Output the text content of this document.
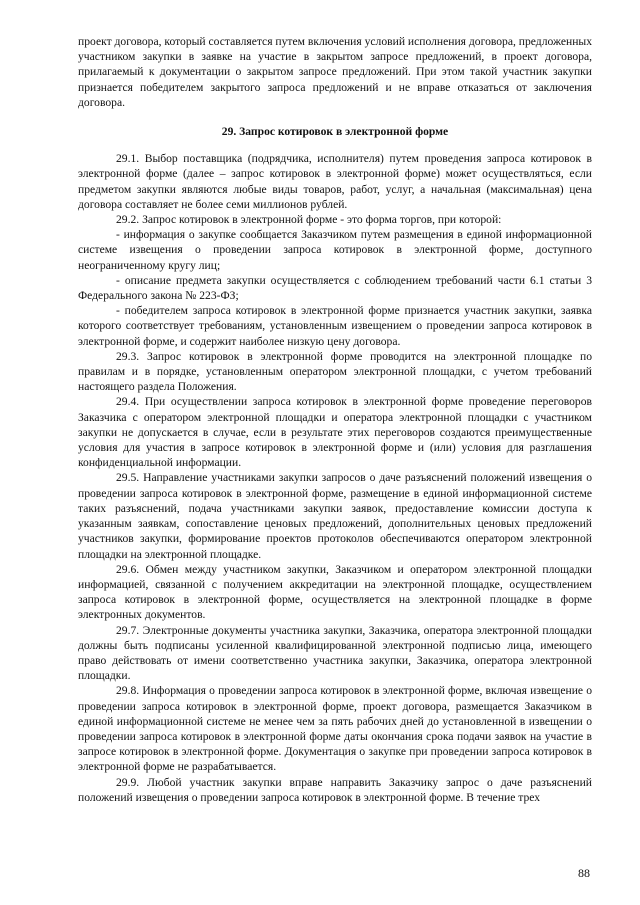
проект договора, который составляется путем включения условий исполнения договора, предложенных участником закупки в заявке на участие в закрытом запросе предложений, в проект договора, прилагаемый к документации о закрытом запросе предложений. При этом такой участник закупки признается победителем закрытого запроса предложений и не вправе отказаться от заключения договора.

29. Запрос котировок в электронной форме

29.1. Выбор поставщика (подрядчика, исполнителя) путем проведения запроса котировок в электронной форме (далее – запрос котировок в электронной форме) может осуществляться, если предметом закупки являются любые виды товаров, работ, услуг, а начальная (максимальная) цена договора составляет не более семи миллионов рублей.

29.2. Запрос котировок в электронной форме - это форма торгов, при которой:

- информация о закупке сообщается Заказчиком путем размещения в единой информационной системе извещения о проведении запроса котировок в электронной форме, доступного неограниченному кругу лиц;

- описание предмета закупки осуществляется с соблюдением требований части 6.1 статьи 3 Федерального закона № 223-ФЗ;

- победителем запроса котировок в электронной форме признается участник закупки, заявка которого соответствует требованиям, установленным извещением о проведении запроса котировок в электронной форме, и содержит наиболее низкую цену договора.

29.3. Запрос котировок в электронной форме проводится на электронной площадке по правилам и в порядке, установленным оператором электронной площадки, с учетом требований настоящего раздела Положения.

29.4. При осуществлении запроса котировок в электронной форме проведение переговоров Заказчика с оператором электронной площадки и оператора электронной площадки с участником закупки не допускается в случае, если в результате этих переговоров создаются преимущественные условия для участия в запросе котировок в электронной форме и (или) условия для разглашения конфиденциальной информации.

29.5. Направление участниками закупки запросов о даче разъяснений положений извещения о проведении запроса котировок в электронной форме, размещение в единой информационной системе таких разъяснений, подача участниками закупки заявок, предоставление комиссии доступа к указанным заявкам, сопоставление ценовых предложений, дополнительных ценовых предложений участников закупки, формирование проектов протоколов обеспечиваются оператором электронной площадки на электронной площадке.

29.6. Обмен между участником закупки, Заказчиком и оператором электронной площадки информацией, связанной с получением аккредитации на электронной площадке, осуществлением запроса котировок в электронной форме, осуществляется на электронной площадке в форме электронных документов.

29.7. Электронные документы участника закупки, Заказчика, оператора электронной площадки должны быть подписаны усиленной квалифицированной электронной подписью лица, имеющего право действовать от имени соответственно участника закупки, Заказчика, оператора электронной площадки.

29.8. Информация о проведении запроса котировок в электронной форме, включая извещение о проведении запроса котировок в электронной форме, проект договора, размещается Заказчиком в единой информационной системе не менее чем за пять рабочих дней до установленной в извещении о проведении запроса котировок в электронной форме даты окончания срока подачи заявок на участие в запросе котировок в электронной форме. Документация о закупке при проведении запроса котировок в электронной форме не разрабатывается.

29.9. Любой участник закупки вправе направить Заказчику запрос о даче разъяснений положений извещения о проведении запроса котировок в электронной форме. В течение трех

88
